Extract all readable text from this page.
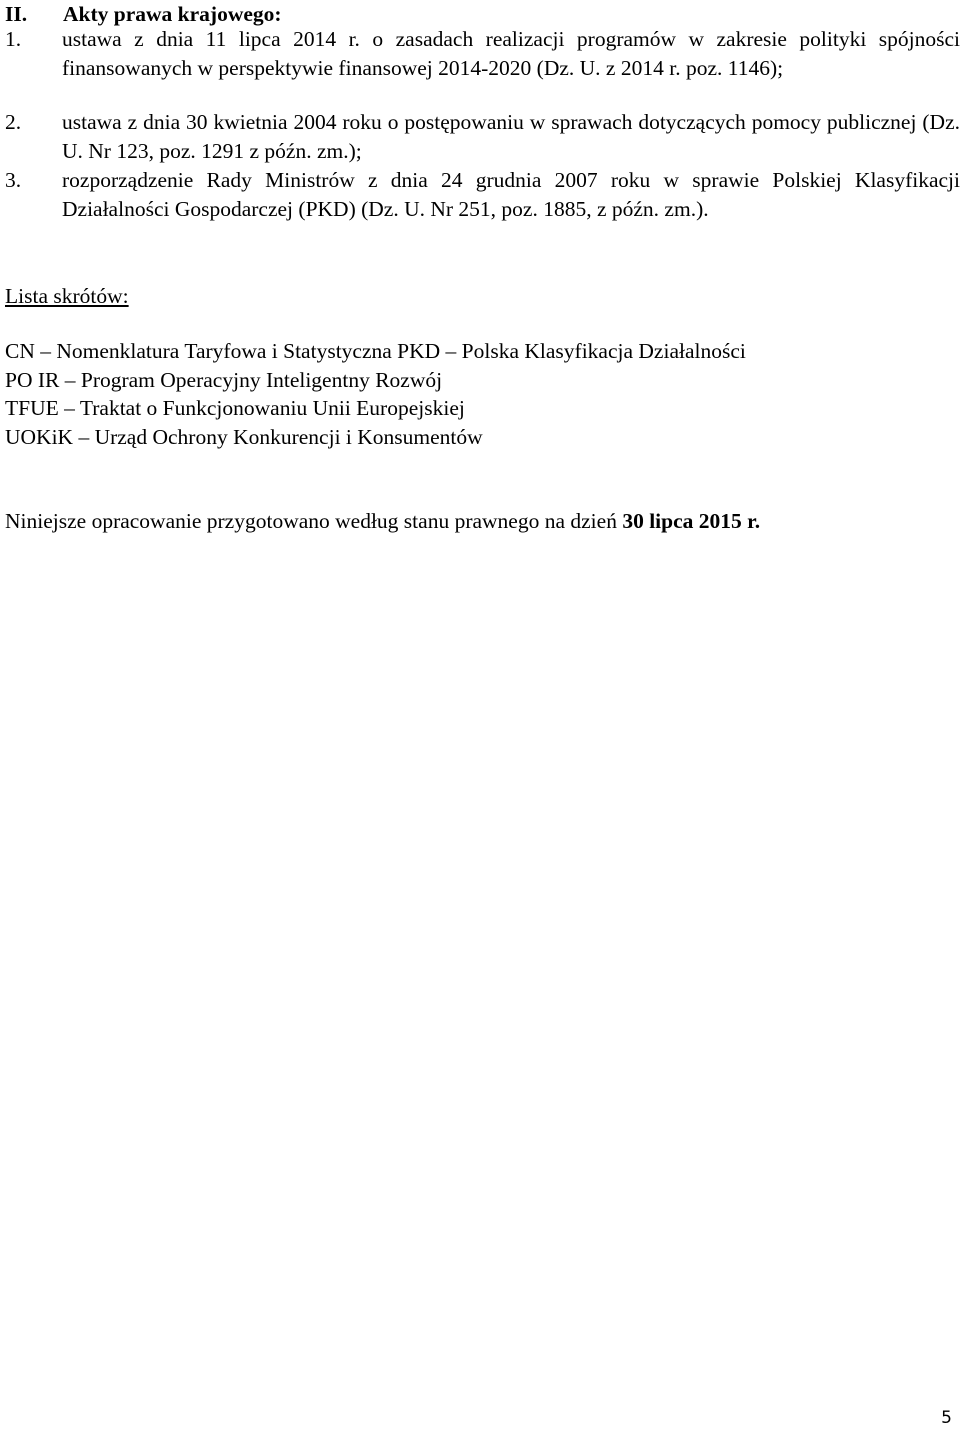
II. Akty prawa krajowego:
1. ustawa z dnia 11 lipca 2014 r. o zasadach realizacji programów w zakresie polityki spójności finansowanych w perspektywie finansowej 2014-2020 (Dz. U. z 2014 r. poz. 1146);
2. ustawa z dnia 30 kwietnia 2004 roku o postępowaniu w sprawach dotyczących pomocy publicznej (Dz. U. Nr 123, poz. 1291 z późn. zm.);
3. rozporządzenie Rady Ministrów z dnia 24 grudnia 2007 roku w sprawie Polskiej Klasyfikacji Działalności Gospodarczej (PKD) (Dz. U. Nr 251, poz. 1885, z późn. zm.).
Lista skrótów:
CN – Nomenklatura Taryfowa i Statystyczna PKD – Polska Klasyfikacja Działalności
PO IR – Program Operacyjny Inteligentny Rozwój
TFUE – Traktat o Funkcjonowaniu Unii Europejskiej
UOKiK – Urząd Ochrony Konkurencji i Konsumentów
Niniejsze opracowanie przygotowano według stanu prawnego na dzień 30 lipca 2015 r.
5
